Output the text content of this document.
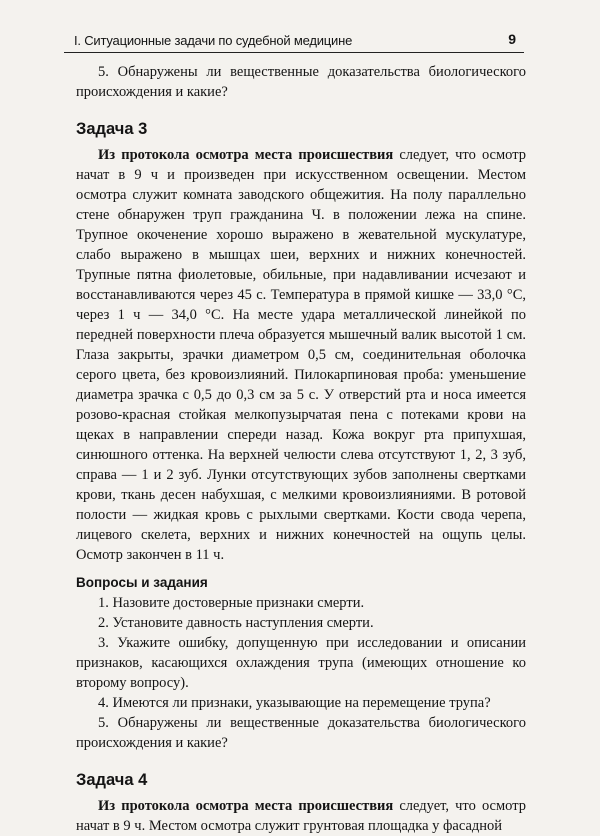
I. Ситуационные задачи по судебной медицине	9

5. Обнаружены ли вещественные доказательства биологического происхождения и какие?

Задача 3

Из протокола осмотра места происшествия следует, что осмотр начат в 9 ч и произведен при искусственном освещении. Местом осмотра служит комната заводского общежития. На полу параллельно стене обнаружен труп гражданина Ч. в положении лежа на спине. Трупное окоченение хорошо выражено в жевательной мускулатуре, слабо выражено в мышцах шеи, верхних и нижних конечностей. Трупные пятна фиолетовые, обильные, при надавливании исчезают и восстанавливаются через 45 с. Температура в прямой кишке — 33,0 °С, через 1 ч — 34,0 °С. На месте удара металлической линейкой по передней поверхности плеча образуется мышечный валик высотой 1 см. Глаза закрыты, зрачки диаметром 0,5 см, соединительная оболочка серого цвета, без кровоизлияний. Пилокарпиновая проба: уменьшение диаметра зрачка с 0,5 до 0,3 см за 5 с. У отверстий рта и носа имеется розово-красная стойкая мелкопузырчатая пена с потеками крови на щеках в направлении спереди назад. Кожа вокруг рта припухшая, синюшного оттенка. На верхней челюсти слева отсутствуют 1, 2, 3 зуб, справа — 1 и 2 зуб. Лунки отсутствующих зубов заполнены свертками крови, ткань десен набухшая, с мелкими кровоизлияниями. В ротовой полости — жидкая кровь с рыхлыми свертками. Кости свода черепа, лицевого скелета, верхних и нижних конечностей на ощупь целы. Осмотр закончен в 11 ч.

Вопросы и задания

1. Назовите достоверные признаки смерти.

2. Установите давность наступления смерти.

3. Укажите ошибку, допущенную при исследовании и описании признаков, касающихся охлаждения трупа (имеющих отношение ко второму вопросу).

4. Имеются ли признаки, указывающие на перемещение трупа?

5. Обнаружены ли вещественные доказательства биологического происхождения и какие?

Задача 4

Из протокола осмотра места происшествия следует, что осмотр начат в 9 ч. Местом осмотра служит грунтовая площадка у фасадной
